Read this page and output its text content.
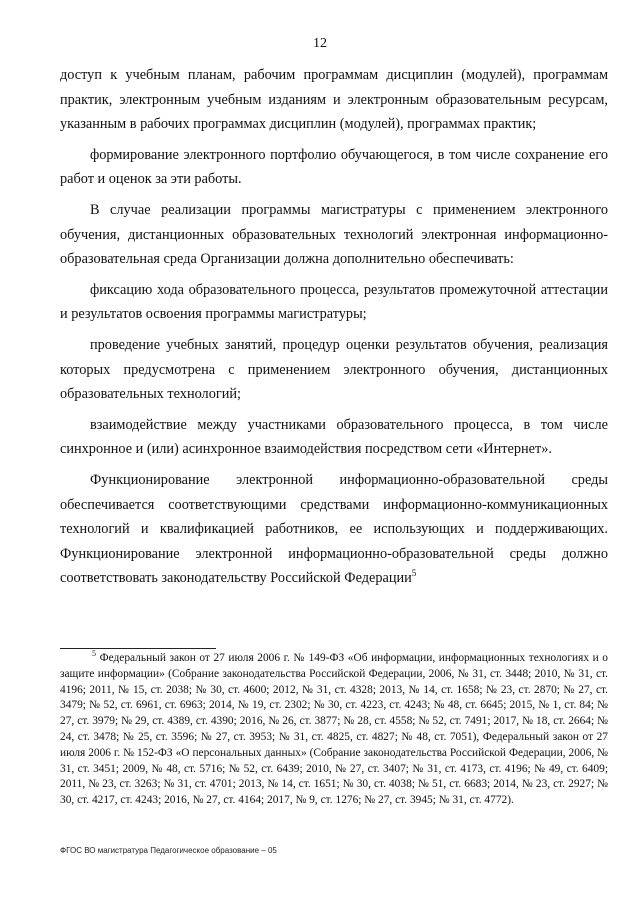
12

доступ к учебным планам, рабочим программам дисциплин (модулей), программам практик, электронным учебным изданиям и электронным образовательным ресурсам, указанным в рабочих программах дисциплин (модулей), программах практик;

формирование электронного портфолио обучающегося, в том числе сохранение его работ и оценок за эти работы.

В случае реализации программы магистратуры с применением электронного обучения, дистанционных образовательных технологий электронная информационно-образовательная среда Организации должна дополнительно обеспечивать:

фиксацию хода образовательного процесса, результатов промежуточной аттестации и результатов освоения программы магистратуры;

проведение учебных занятий, процедур оценки результатов обучения, реализация которых предусмотрена с применением электронного обучения, дистанционных образовательных технологий;

взаимодействие между участниками образовательного процесса, в том числе синхронное и (или) асинхронное взаимодействия посредством сети «Интернет».

Функционирование электронной информационно-образовательной среды обеспечивается соответствующими средствами информационно-коммуникационных технологий и квалификацией работников, ее использующих и поддерживающих. Функционирование электронной информационно-образовательной среды должно соответствовать законодательству Российской Федерации$^5$

$^5$ Федеральный закон от 27 июля 2006 г. № 149-ФЗ «Об информации, информационных технологиях и о защите информации» (Собрание законодательства Российской Федерации, 2006, № 31, ст. 3448; 2010, № 31, ст. 4196; 2011, № 15, ст. 2038; № 30, ст. 4600; 2012, № 31, ст. 4328; 2013, № 14, ст. 1658; № 23, ст. 2870; № 27, ст. 3479; № 52, ст. 6961, ст. 6963; 2014, № 19, ст. 2302; № 30, ст. 4223, ст. 4243; № 48, ст. 6645; 2015, № 1, ст. 84; № 27, ст. 3979; № 29, ст. 4389, ст. 4390; 2016, № 26, ст. 3877; № 28, ст. 4558; № 52, ст. 7491; 2017, № 18, ст. 2664; № 24, ст. 3478; № 25, ст. 3596; № 27, ст. 3953; № 31, ст. 4825, ст. 4827; № 48, ст. 7051), Федеральный закон от 27 июля 2006 г. № 152-ФЗ «О персональных данных» (Собрание законодательства Российской Федерации, 2006, № 31, ст. 3451; 2009, № 48, ст. 5716; № 52, ст. 6439; 2010, № 27, ст. 3407; № 31, ст. 4173, ст. 4196; № 49, ст. 6409; 2011, № 23, ст. 3263; № 31, ст. 4701; 2013, № 14, ст. 1651; № 30, ст. 4038; № 51, ст. 6683; 2014, № 23, ст. 2927; № 30, ст. 4217, ст. 4243; 2016, № 27, ст. 4164; 2017, № 9, ст. 1276; № 27, ст. 3945; № 31, ст. 4772).

ФГОС ВО магистратура Педагогическое образование – 05
